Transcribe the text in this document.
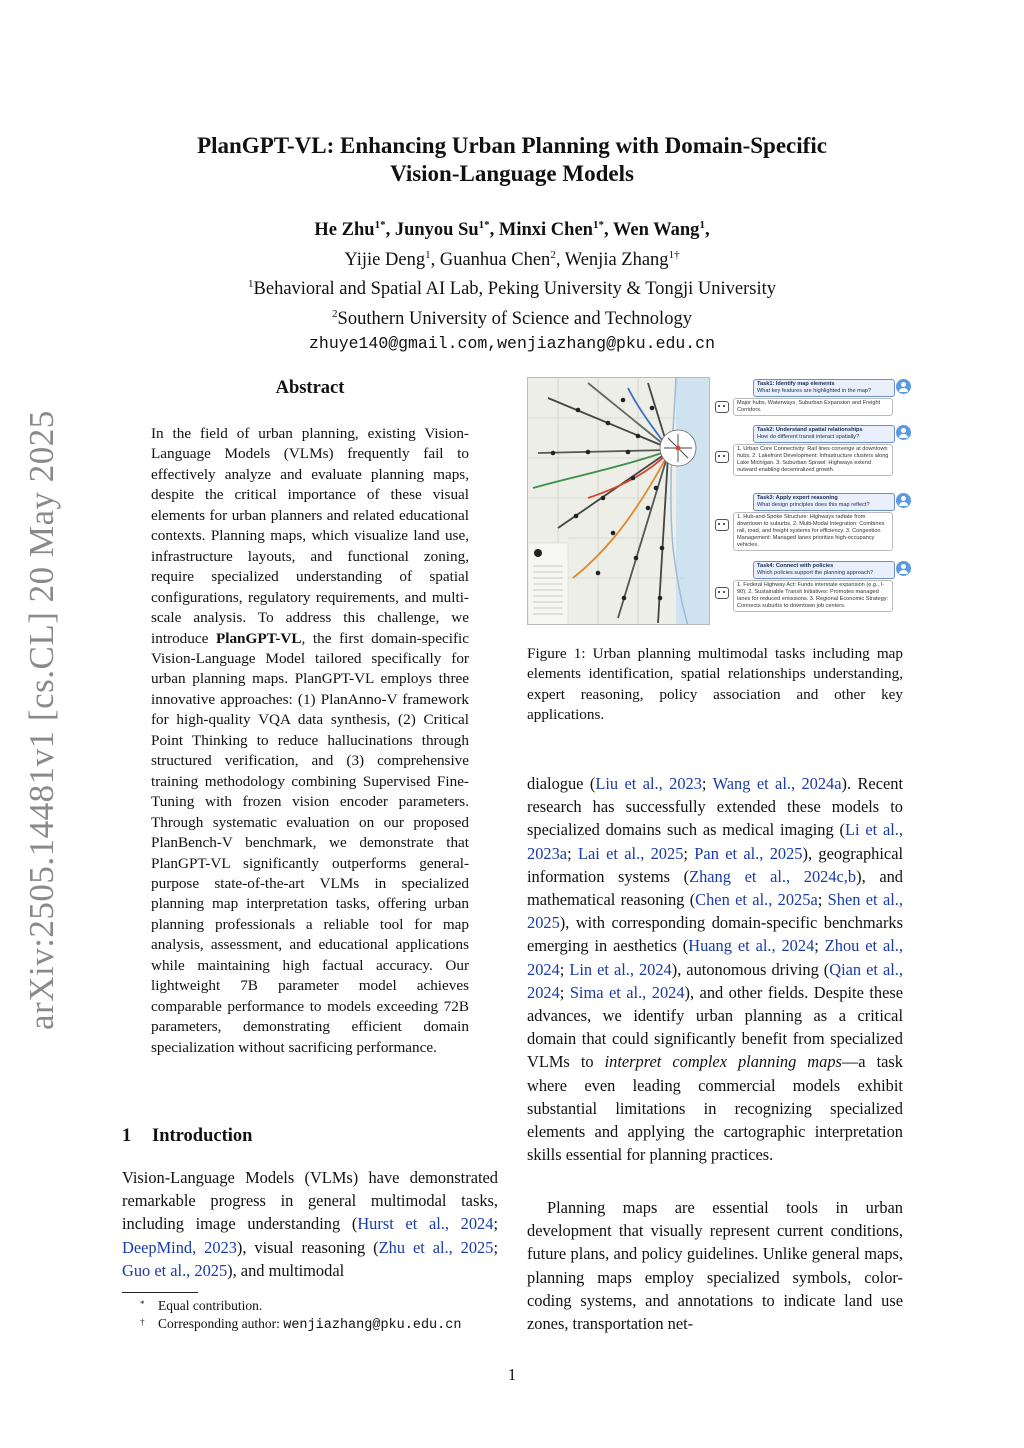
arXiv:2505.14481v1 [cs.CL] 20 May 2025
PlanGPT-VL: Enhancing Urban Planning with Domain-Specific
Vision-Language Models
He Zhu$^{1*}$, Junyou $Su^{1*}$, Minxi Chen$^{1*}$, Wen Wang$^1$,
Yijie Deng$^1$, Guanhua Chen$^2$, Wenjia Zhang$^{1\dagger}$
$^1$Behavioral and Spatial AI Lab, Peking University & Tongji University
$^2$Southern University of Science and Technology
zhuye140@gmail.com,wenjiazhang@pku.edu.cn
Abstract
In the field of urban planning, existing Vision-Language Models (VLMs) frequently fail to effectively analyze and evaluate planning maps, despite the critical importance of these visual elements for urban planners and related educational contexts. Planning maps, which visualize land use, infrastructure layouts, and functional zoning, require specialized understanding of spatial configurations, regulatory requirements, and multi-scale analysis. To address this challenge, we introduce PlanGPT-VL, the first domain-specific Vision-Language Model tailored specifically for urban planning maps. PlanGPT-VL employs three innovative approaches: (1) PlanAnno-V framework for high-quality VQA data synthesis, (2) Critical Point Thinking to reduce hallucinations through structured verification, and (3) comprehensive training methodology combining Supervised Fine-Tuning with frozen vision encoder parameters. Through systematic evaluation on our proposed PlanBench-V benchmark, we demonstrate that PlanGPT-VL significantly outperforms general-purpose state-of-the-art VLMs in specialized planning map interpretation tasks, offering urban planning professionals a reliable tool for map analysis, assessment, and educational applications while maintaining high factual accuracy. Our lightweight 7B parameter model achieves comparable performance to models exceeding 72B parameters, demonstrating efficient domain specialization without sacrificing performance.
1 Introduction
Vision-Language Models (VLMs) have demonstrated remarkable progress in general multimodal tasks, including image understanding (Hurst et al., 2024; DeepMind, 2023), visual reasoning (Zhu et al., 2025; Guo et al., 2025), and multimodal
* Equal contribution.
† Corresponding author: wenjiazhang@pku.edu.cn
Task1: Identify map elements
What key features are highlighted in the map?
Major hubs, Waterways, Suburban Expansion and Freight Corridors.
Task2: Understand spatial relationships
How do different transit interact spatially?
1. Urban Core Connectivity: Rail lines converge at downtown hubs. 2. Lakefront Development: Infrastructure clusters along Lake Michigan. 3. Suburban Sprawl: Highways extend outward enabling decentralized growth.
Task3: Apply expert reasoning
What design principles does this map reflect?
1. Hub-and-Spoke Structure: Highways radiate from downtown to suburbs. 2. Multi-Modal Integration: Combines rail, road, and freight systems for efficiency. 3. Congestion Management: Managed lanes prioritize high-occupancy vehicles.
Task4: Connect with policies
Which policies support the planning approach?
1. Federal Highway Act: Funds interstate expansion (e.g., I-90). 2. Sustainable Transit Initiatives: Promotes managed lanes for reduced emissions. 3. Regional Economic Strategy: Connects suburbs to downtown job centers.
Figure 1: Urban planning multimodal tasks including map elements identification, spatial relationships understanding, expert reasoning, policy association and other key applications.
dialogue (Liu et al., 2023; Wang et al., 2024a). Recent research has successfully extended these models to specialized domains such as medical imaging (Li et al., 2023a; Lai et al., 2025; Pan et al., 2025), geographical information systems (Zhang et al., 2024c,b), and mathematical reasoning (Chen et al., 2025a; Shen et al., 2025), with corresponding domain-specific benchmarks emerging in aesthetics (Huang et al., 2024; Zhou et al., 2024; Lin et al., 2024), autonomous driving (Qian et al., 2024; Sima et al., 2024), and other fields. Despite these advances, we identify urban planning as a critical domain that could significantly benefit from specialized VLMs to interpret complex planning maps—a task where even leading commercial models exhibit substantial limitations in recognizing specialized elements and applying the cartographic interpretation skills essential for planning practices.
Planning maps are essential tools in urban development that visually represent current conditions, future plans, and policy guidelines. Unlike general maps, planning maps employ specialized symbols, color-coding systems, and annotations to indicate land use zones, transportation net-
1
